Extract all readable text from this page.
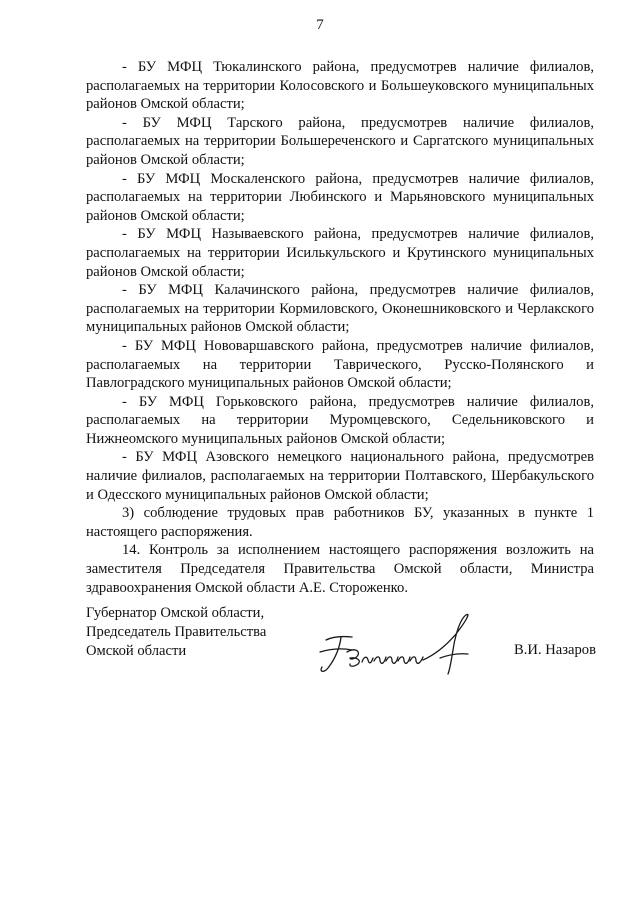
7

- БУ МФЦ Тюкалинского района, предусмотрев наличие филиалов, располагаемых на территории Колосовского и Большеуковского муниципальных районов Омской области;

- БУ МФЦ Тарского района, предусмотрев наличие филиалов, располагаемых на территории Большереченского и Саргатского муниципальных районов Омской области;

- БУ МФЦ Москаленского района, предусмотрев наличие филиалов, располагаемых на территории Любинского и Марьяновского муниципальных районов Омской области;

- БУ МФЦ Называевского района, предусмотрев наличие филиалов, располагаемых на территории Исилькульского и Крутинского муниципальных районов Омской области;

- БУ МФЦ Калачинского района, предусмотрев наличие филиалов, располагаемых на территории Кормиловского, Оконешниковского и Черлакского муниципальных районов Омской области;

- БУ МФЦ Нововаршавского района, предусмотрев наличие филиалов, располагаемых на территории Таврического, Русско-Полянского и Павлоградского муниципальных районов Омской области;

- БУ МФЦ Горьковского района, предусмотрев наличие филиалов, располагаемых на территории Муромцевского, Седельниковского и Нижнеомского муниципальных районов Омской области;

- БУ МФЦ Азовского немецкого национального района, предусмотрев наличие филиалов, располагаемых на территории Полтавского, Шербакульского и Одесского муниципальных районов Омской области;

3) соблюдение трудовых прав работников БУ, указанных в пункте 1 настоящего распоряжения.

14. Контроль за исполнением настоящего распоряжения возложить на заместителя Председателя Правительства Омской области, Министра здравоохранения Омской области А.Е. Стороженко.

Губернатор Омской области,
Председатель Правительства
Омской области	В.И. Назаров
